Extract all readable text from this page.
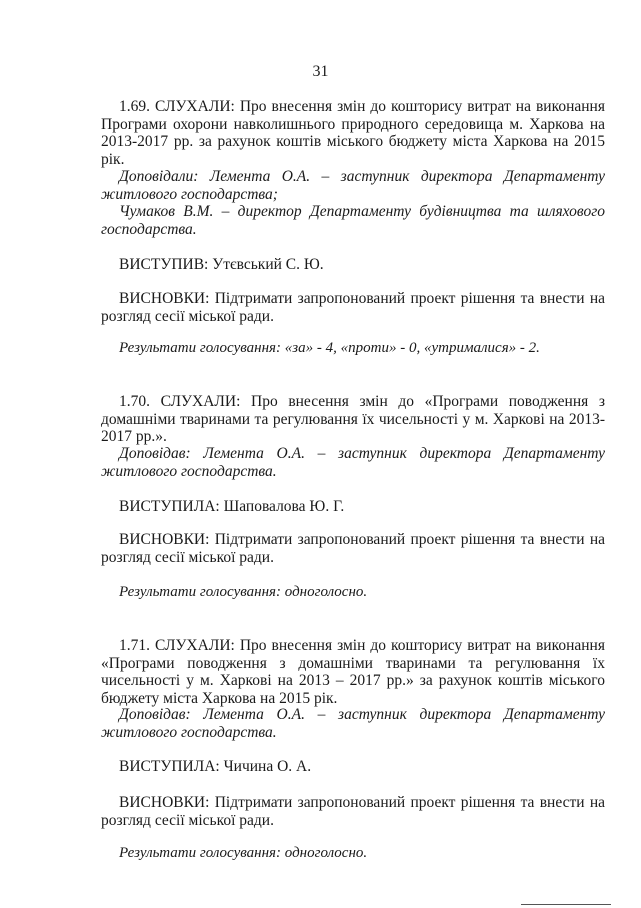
31

1.69. СЛУХАЛИ: Про внесення змін до кошторису витрат на виконання Програми охорони навколишнього природного середовища м. Харкова на 2013-2017 рр. за рахунок коштів міського бюджету міста Харкова на 2015 рік.

Доповідали: Лемента О.А. – заступник директора Департаменту житлового господарства;

Чумаков В.М. – директор Департаменту будівництва та шляхового господарства.

ВИСТУПИВ: Утєвський С. Ю.

ВИСНОВКИ: Підтримати запропонований проект рішення та внести на розгляд сесії міської ради.

Результати голосування: «за» - 4, «проти» - 0, «утрималися» - 2.

1.70. СЛУХАЛИ: Про внесення змін до «Програми поводження з домашніми тваринами та регулювання їх чисельності у м. Харкові на 2013-2017 рр.».

Доповідав: Лемента О.А. – заступник директора Департаменту житлового господарства.

ВИСТУПИЛА: Шаповалова Ю. Г.

ВИСНОВКИ: Підтримати запропонований проект рішення та внести на розгляд сесії міської ради.

Результати голосування: одноголосно.

1.71. СЛУХАЛИ: Про внесення змін до кошторису витрат на виконання «Програми поводження з домашніми тваринами та регулювання їх чисельності у м. Харкові на 2013 – 2017 рр.» за рахунок коштів міського бюджету міста Харкова на 2015 рік.

Доповідав: Лемента О.А. – заступник директора Департаменту житлового господарства.

ВИСТУПИЛА: Чичина О. А.

ВИСНОВКИ: Підтримати запропонований проект рішення та внести на розгляд сесії міської ради.

Результати голосування: одноголосно.
